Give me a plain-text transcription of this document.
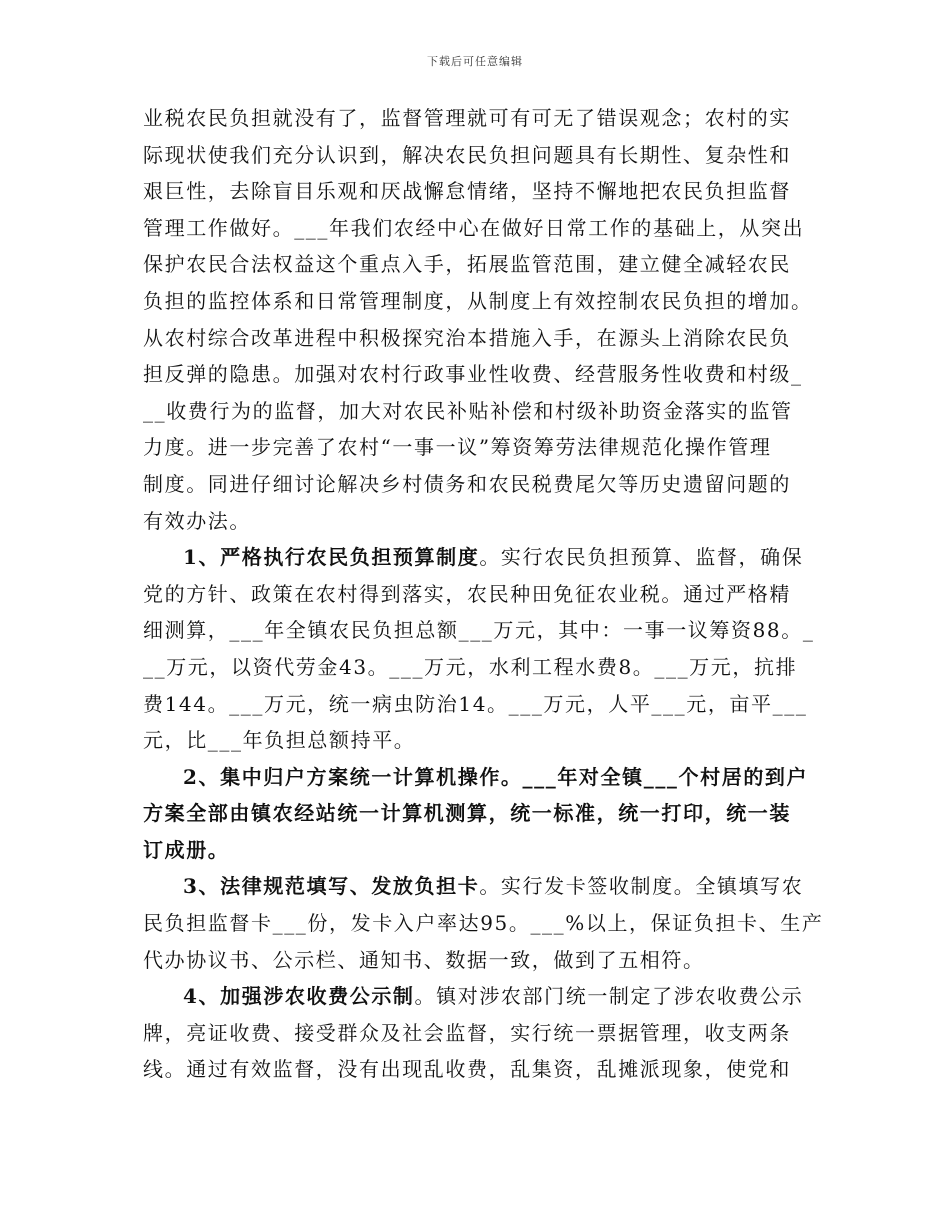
下载后可任意编辑
业税农民负担就没有了，监督管理就可有可无了错误观念；农村的实
际现状使我们充分认识到，解决农民负担问题具有长期性、复杂性和
艰巨性，去除盲目乐观和厌战懈怠情绪，坚持不懈地把农民负担监督
管理工作做好。___年我们农经中心在做好日常工作的基础上，从突出
保护农民合法权益这个重点入手，拓展监管范围，建立健全减轻农民
负担的监控体系和日常管理制度，从制度上有效控制农民负担的增加。
从农村综合改革进程中积极探究治本措施入手，在源头上消除农民负
担反弹的隐患。加强对农村行政事业性收费、经营服务性收费和村级_
__收费行为的监督，加大对农民补贴补偿和村级补助资金落实的监管
力度。进一步完善了农村“一事一议”筹资筹劳法律规范化操作管理
制度。同进仔细讨论解决乡村债务和农民税费尾欠等历史遗留问题的
有效办法。
1、严格执行农民负担预算制度。实行农民负担预算、监督，确保
党的方针、政策在农村得到落实，农民种田免征农业税。通过严格精
细测算，___年全镇农民负担总额___万元，其中：一事一议筹资88。_
__万元，以资代劳金43。___万元，水利工程水费8。___万元，抗排
费144。___万元，统一病虫防治14。___万元，人平___元，亩平___
元，比___年负担总额持平。
2、集中归户方案统一计算机操作。___年对全镇___个村居的到户
方案全部由镇农经站统一计算机测算，统一标准，统一打印，统一装
订成册。
3、法律规范填写、发放负担卡。实行发卡签收制度。全镇填写农
民负担监督卡___份，发卡入户率达95。___%以上，保证负担卡、生产
代办协议书、公示栏、通知书、数据一致，做到了五相符。
4、加强涉农收费公示制。镇对涉农部门统一制定了涉农收费公示
牌，亮证收费、接受群众及社会监督，实行统一票据管理，收支两条
线。通过有效监督，没有出现乱收费，乱集资，乱摊派现象，使党和
